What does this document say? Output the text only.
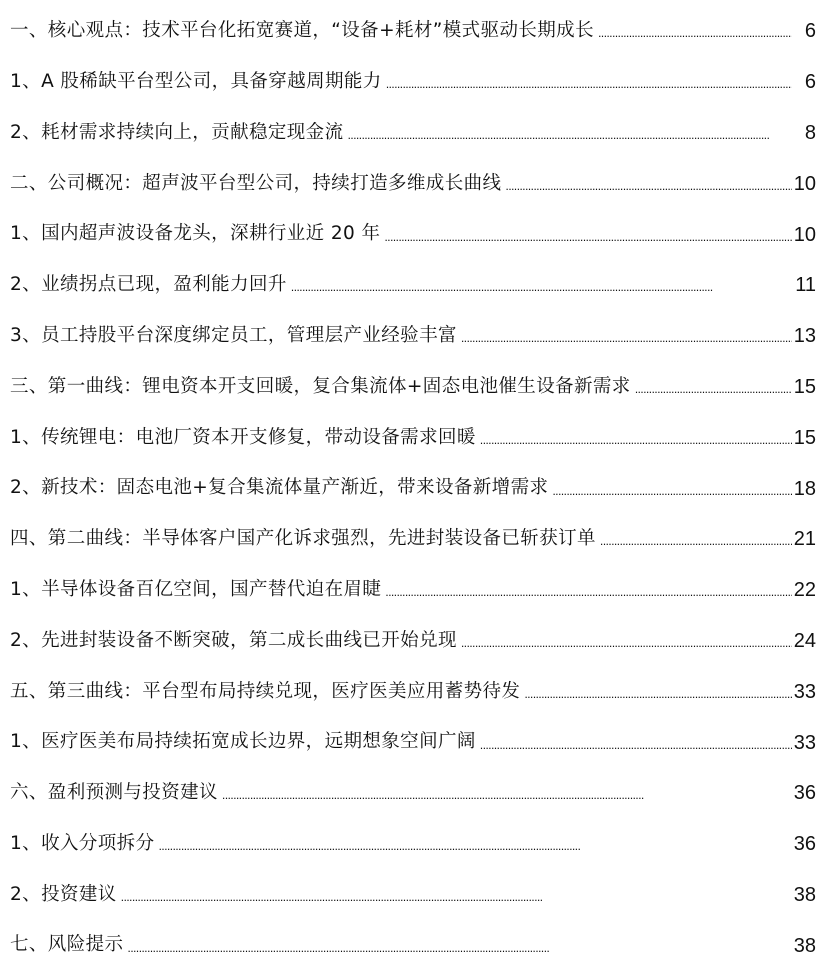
一、核心观点：技术平台化拓宽赛道，“设备+耗材”模式驱动长期成长 . . .	6
1、A 股稀缺平台型公司，具备穿越周期能力 . . .	6
2、耗材需求持续向上，贡献稳定现金流 . . .	8
二、公司概况：超声波平台型公司，持续打造多维成长曲线 . . .	10
1、国内超声波设备龙头，深耕行业近 20 年 . . .	10
2、业绩拐点已现，盈利能力回升 . . .	11
3、员工持股平台深度绑定员工，管理层产业经验丰富 . . .	13
三、第一曲线：锂电资本开支回暖，复合集流体+固态电池催生设备新需求 . . .	15
1、传统锂电：电池厂资本开支修复，带动设备需求回暖 . . .	15
2、新技术：固态电池+复合集流体量产渐近，带来设备新增需求 . . .	18
四、第二曲线：半导体客户国产化诉求强烈，先进封装设备已斩获订单 . . .	21
1、半导体设备百亿空间，国产替代迫在眉睫 . . .	22
2、先进封装设备不断突破，第二成长曲线已开始兑现 . . .	24
五、第三曲线：平台型布局持续兑现，医疗医美应用蓄势待发 . . .	33
1、医疗医美布局持续拓宽成长边界，远期想象空间广阔 . . .	33
六、盈利预测与投资建议 . . .	36
1、收入分项拆分 . . .	36
2、投资建议 . . .	38
七、风险提示 . . .	38
